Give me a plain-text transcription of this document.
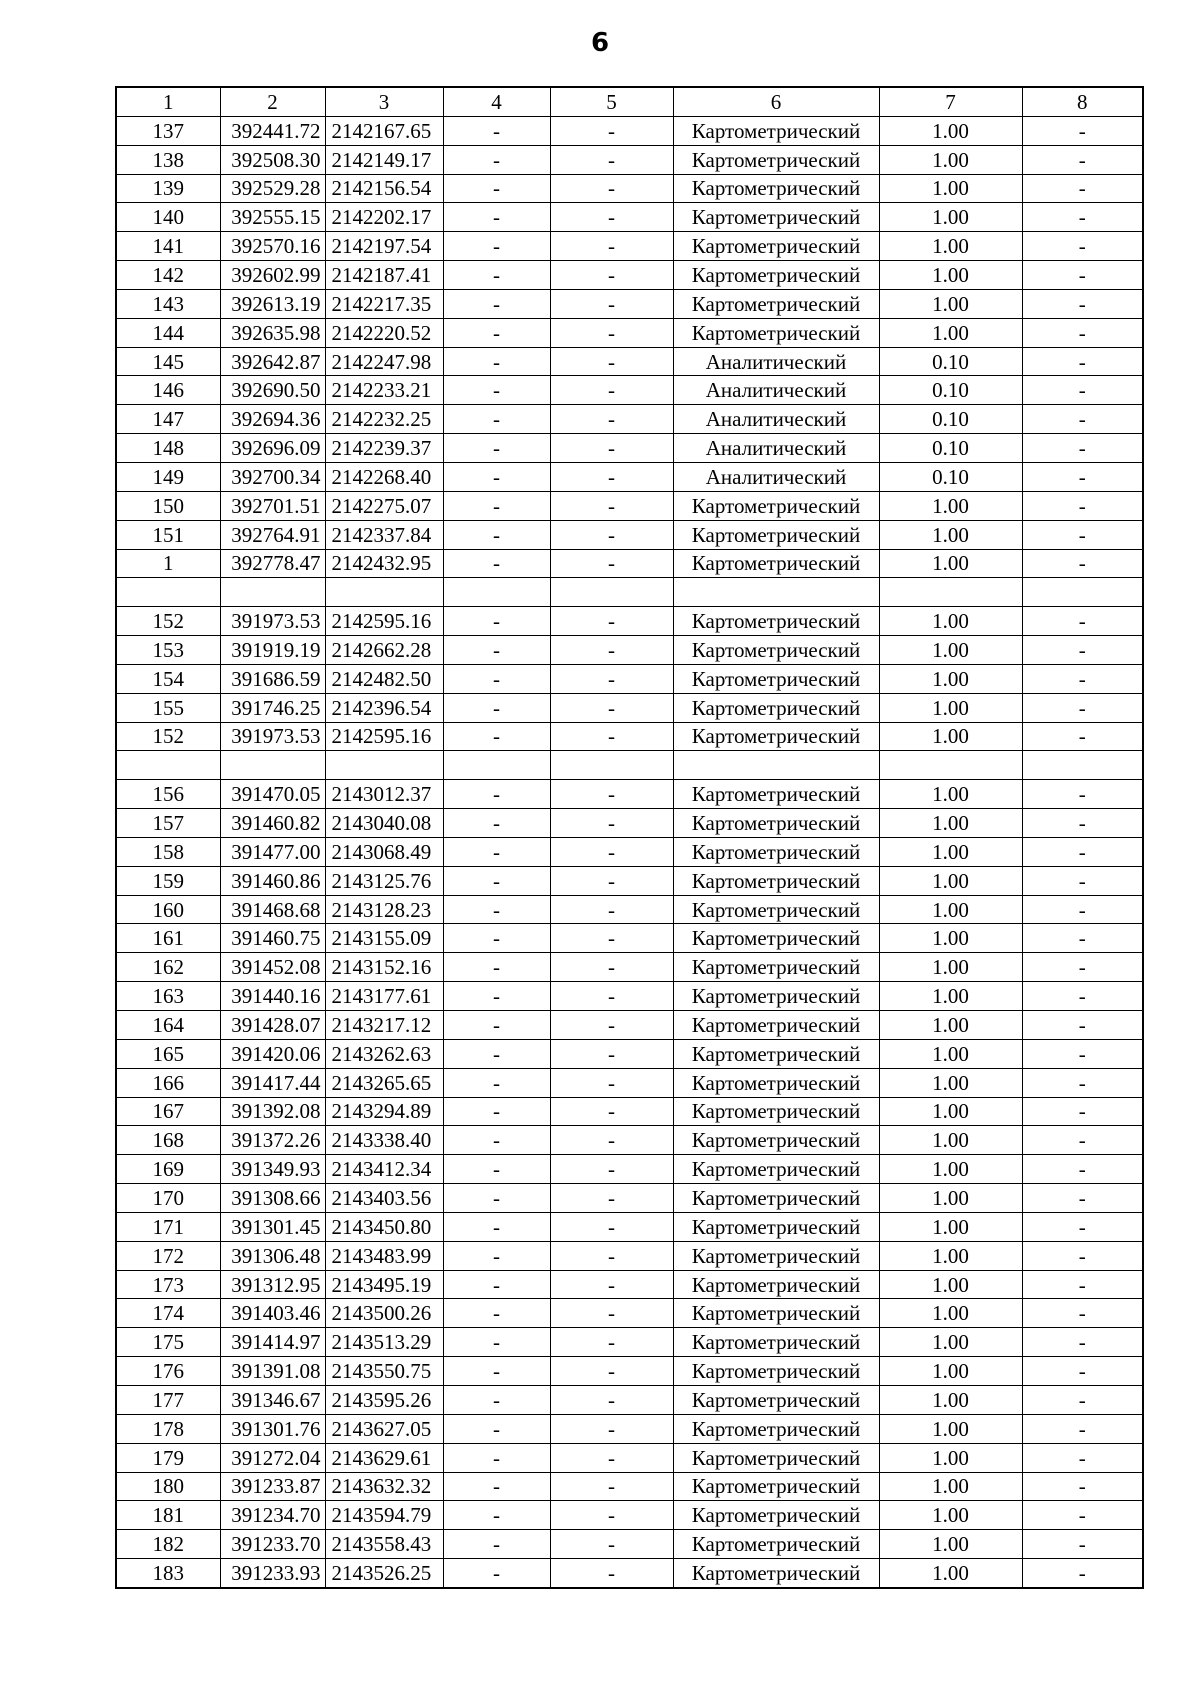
6
1	2	3	4	5	6	7	8
137	392441.72	2142167.65	-	-	Картометрический	1.00	-
138	392508.30	2142149.17	-	-	Картометрический	1.00	-
139	392529.28	2142156.54	-	-	Картометрический	1.00	-
140	392555.15	2142202.17	-	-	Картометрический	1.00	-
141	392570.16	2142197.54	-	-	Картометрический	1.00	-
142	392602.99	2142187.41	-	-	Картометрический	1.00	-
143	392613.19	2142217.35	-	-	Картометрический	1.00	-
144	392635.98	2142220.52	-	-	Картометрический	1.00	-
145	392642.87	2142247.98	-	-	Аналитический	0.10	-
146	392690.50	2142233.21	-	-	Аналитический	0.10	-
147	392694.36	2142232.25	-	-	Аналитический	0.10	-
148	392696.09	2142239.37	-	-	Аналитический	0.10	-
149	392700.34	2142268.40	-	-	Аналитический	0.10	-
150	392701.51	2142275.07	-	-	Картометрический	1.00	-
151	392764.91	2142337.84	-	-	Картометрический	1.00	-
1	392778.47	2142432.95	-	-	Картометрический	1.00	-

152	391973.53	2142595.16	-	-	Картометрический	1.00	-
153	391919.19	2142662.28	-	-	Картометрический	1.00	-
154	391686.59	2142482.50	-	-	Картометрический	1.00	-
155	391746.25	2142396.54	-	-	Картометрический	1.00	-
152	391973.53	2142595.16	-	-	Картометрический	1.00	-

156	391470.05	2143012.37	-	-	Картометрический	1.00	-
157	391460.82	2143040.08	-	-	Картометрический	1.00	-
158	391477.00	2143068.49	-	-	Картометрический	1.00	-
159	391460.86	2143125.76	-	-	Картометрический	1.00	-
160	391468.68	2143128.23	-	-	Картометрический	1.00	-
161	391460.75	2143155.09	-	-	Картометрический	1.00	-
162	391452.08	2143152.16	-	-	Картометрический	1.00	-
163	391440.16	2143177.61	-	-	Картометрический	1.00	-
164	391428.07	2143217.12	-	-	Картометрический	1.00	-
165	391420.06	2143262.63	-	-	Картометрический	1.00	-
166	391417.44	2143265.65	-	-	Картометрический	1.00	-
167	391392.08	2143294.89	-	-	Картометрический	1.00	-
168	391372.26	2143338.40	-	-	Картометрический	1.00	-
169	391349.93	2143412.34	-	-	Картометрический	1.00	-
170	391308.66	2143403.56	-	-	Картометрический	1.00	-
171	391301.45	2143450.80	-	-	Картометрический	1.00	-
172	391306.48	2143483.99	-	-	Картометрический	1.00	-
173	391312.95	2143495.19	-	-	Картометрический	1.00	-
174	391403.46	2143500.26	-	-	Картометрический	1.00	-
175	391414.97	2143513.29	-	-	Картометрический	1.00	-
176	391391.08	2143550.75	-	-	Картометрический	1.00	-
177	391346.67	2143595.26	-	-	Картометрический	1.00	-
178	391301.76	2143627.05	-	-	Картометрический	1.00	-
179	391272.04	2143629.61	-	-	Картометрический	1.00	-
180	391233.87	2143632.32	-	-	Картометрический	1.00	-
181	391234.70	2143594.79	-	-	Картометрический	1.00	-
182	391233.70	2143558.43	-	-	Картометрический	1.00	-
183	391233.93	2143526.25	-	-	Картометрический	1.00	-
